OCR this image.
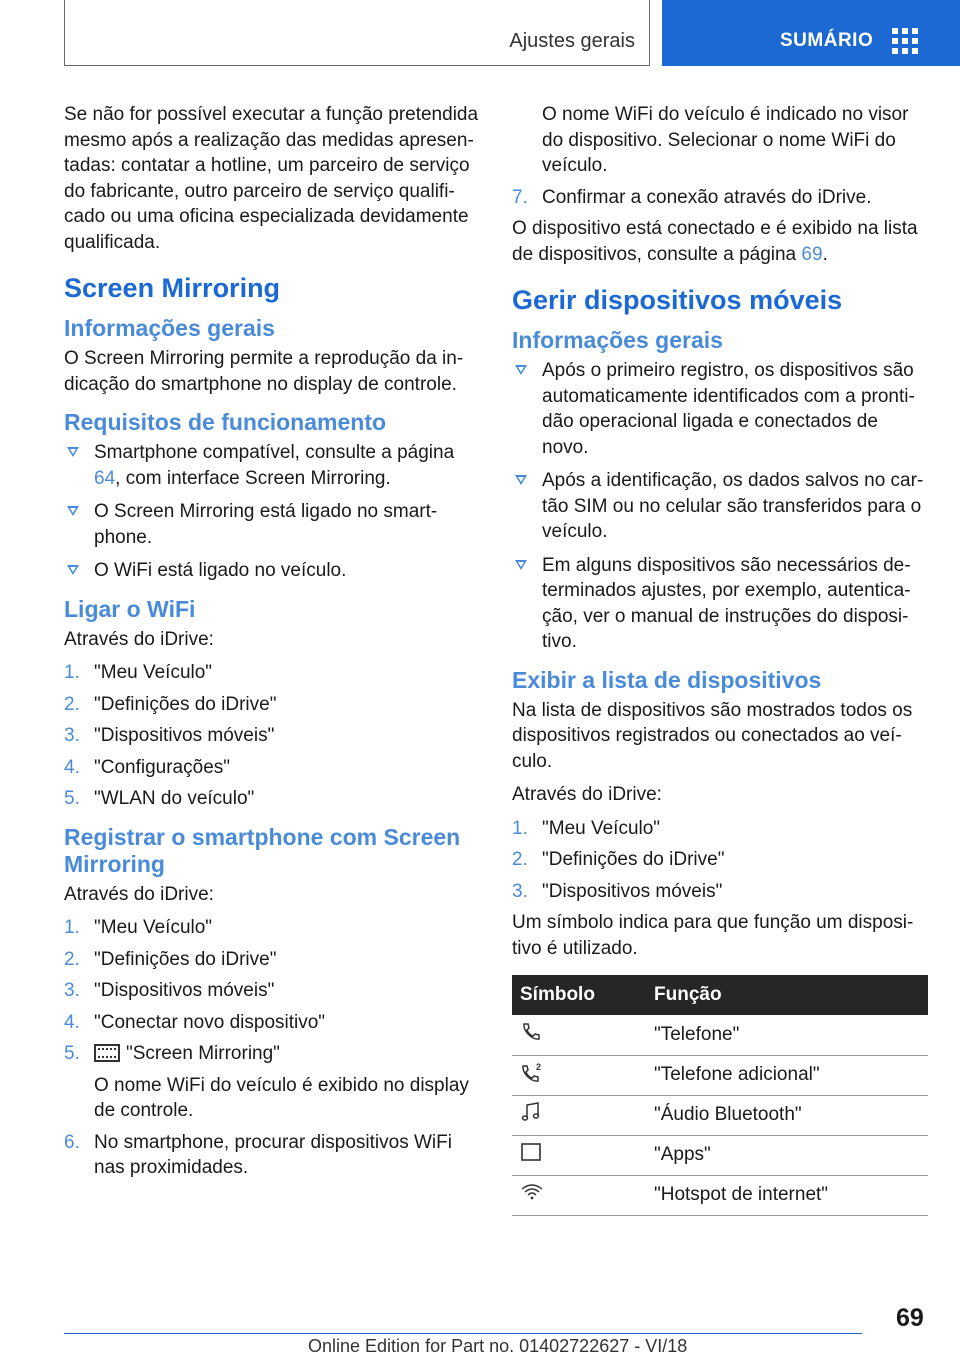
Ajustes gerais	SUMÁRIO

Se não for possível executar a função pretendida mesmo após a realização das medidas apresen‐tadas: contatar a hotline, um parceiro de serviço do fabricante, outro parceiro de serviço qualifi‐cado ou uma oficina especializada devidamente qualificada.

Screen Mirroring
Informações gerais

O Screen Mirroring permite a reprodução da in‐dicação do smartphone no display de controle.

Requisitos de funcionamento
Smartphone compatível, consulte a página 64, com interface Screen Mirroring.
O Screen Mirroring está ligado no smart‐phone.
O WiFi está ligado no veículo.
Ligar o WiFi

Através do iDrive:

1. "Meu Veículo"
2. "Definições do iDrive"
3. "Dispositivos móveis"
4. "Configurações"
5. "WLAN do veículo"
Registrar o smartphone com Screen Mirroring

Através do iDrive:

1. "Meu Veículo"
2. "Definições do iDrive"
3. "Dispositivos móveis"
4. "Conectar novo dispositivo"
5. "Screen Mirroring"
O nome WiFi do veículo é exibido no display de controle.
6. No smartphone, procurar dispositivos WiFi nas proximidades.
O nome WiFi do veículo é indicado no visor do dispositivo. Selecionar o nome WiFi do veículo.
7. Confirmar a conexão através do iDrive.

O dispositivo está conectado e é exibido na lista de dispositivos, consulte a página 69.

Gerir dispositivos móveis
Informações gerais
Após o primeiro registro, os dispositivos são automaticamente identificados com a pronti‐dão operacional ligada e conectados de novo.
Após a identificação, os dados salvos no car‐tão SIM ou no celular são transferidos para o veículo.
Em alguns dispositivos são necessários de‐terminados ajustes, por exemplo, autentica‐ção, ver o manual de instruções do disposi‐tivo.
Exibir a lista de dispositivos

Na lista de dispositivos são mostrados todos os dispositivos registrados ou conectados ao veí‐culo.

Através do iDrive:

1. "Meu Veículo"
2. "Definições do iDrive"
3. "Dispositivos móveis"

Um símbolo indica para que função um disposi‐tivo é utilizado.

Símbolo	Função
	"Telefone"

2	"Telefone adicional"
	"Áudio Bluetooth"
	"Apps"
	"Hotspot de internet"
69
Online Edition for Part no. 01402722627 - VI/18
